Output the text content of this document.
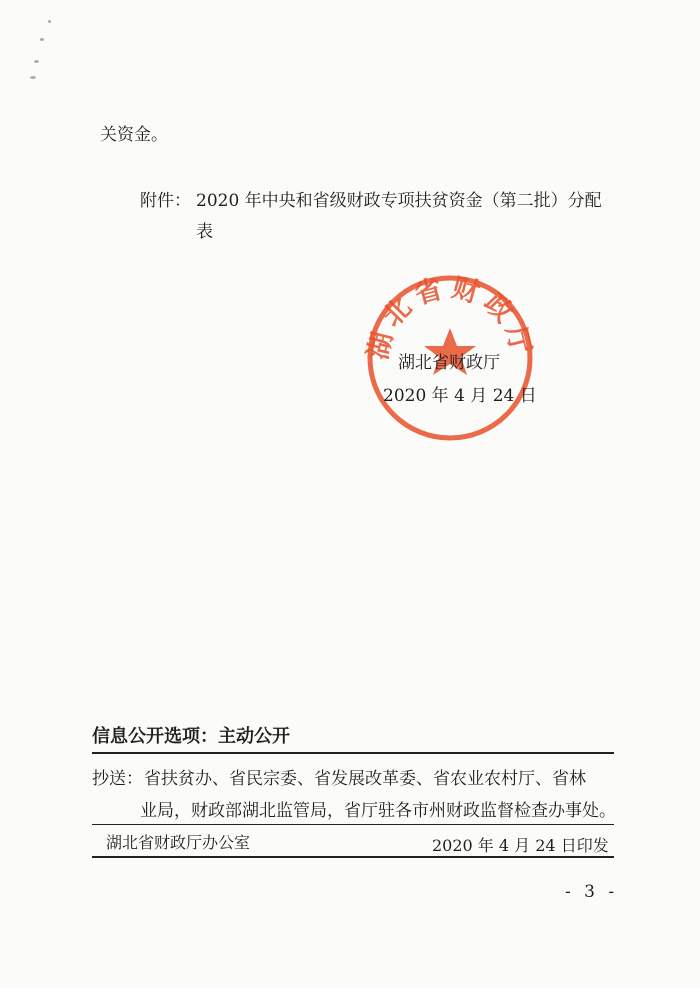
关资金。
附件： 2020 年中央和省级财政专项扶贫资金（第二批）分配
表
湖北省财政厅
湖北省财政厅
2020 年 4 月 24 日
信息公开选项：主动公开
抄送： 省扶贫办、省民宗委、省发展改革委、省农业农村厅、省林
业局，财政部湖北监管局，省厅驻各市州财政监督检查办事处。
湖北省财政厅办公室	2020 年 4 月 24 日印发
- 3 -
